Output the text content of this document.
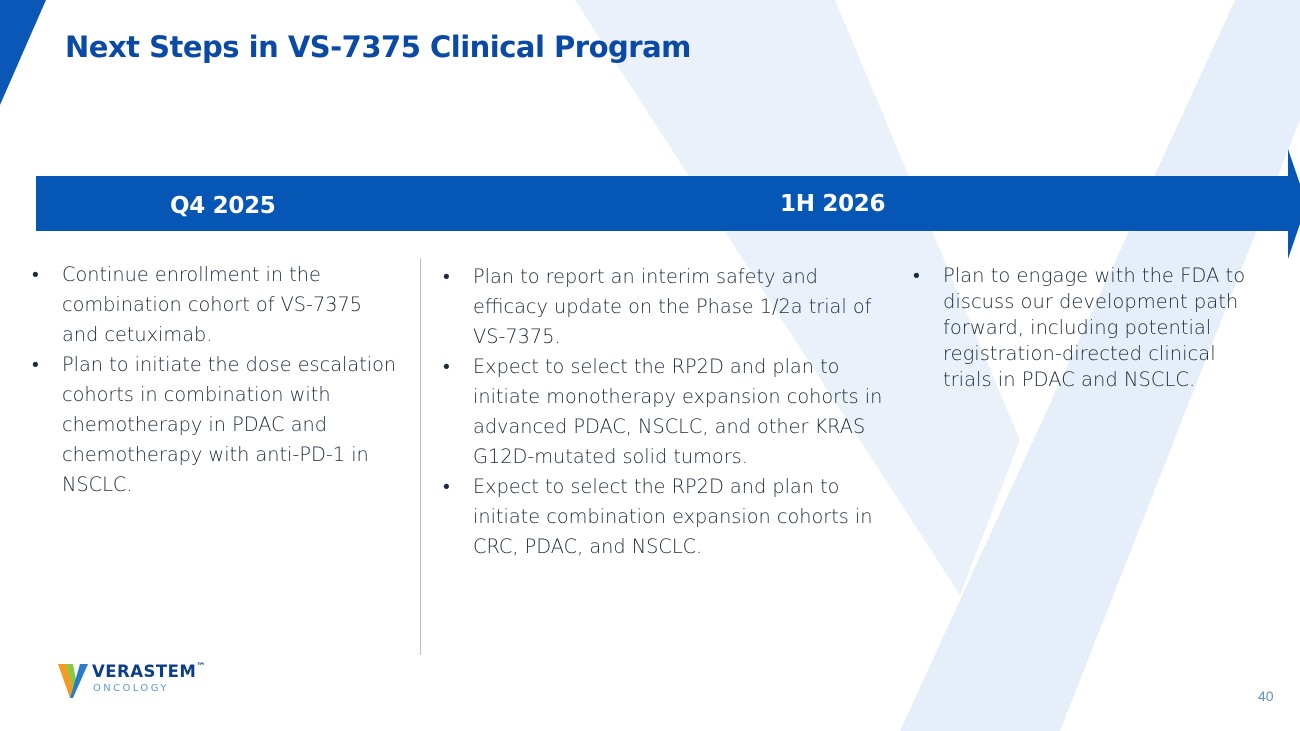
Next Steps in VS-7375 Clinical Program
Q4 2025	1H 2026
• Continue enrollment in the combination cohort of VS-7375 and cetuximab.
• Plan to initiate the dose escalation cohorts in combination with chemotherapy in PDAC and chemotherapy with anti-PD-1 in NSCLC.
• Plan to report an interim safety and efficacy update on the Phase 1/2a trial of VS-7375.
• Expect to select the RP2D and plan to initiate monotherapy expansion cohorts in advanced PDAC, NSCLC, and other KRAS G12D-mutated solid tumors.
• Expect to select the RP2D and plan to initiate combination expansion cohorts in CRC, PDAC, and NSCLC.
• Plan to engage with the FDA to discuss our development path forward, including potential registration-directed clinical trials in PDAC and NSCLC.
VERASTEM™
ONCOLOGY	40
